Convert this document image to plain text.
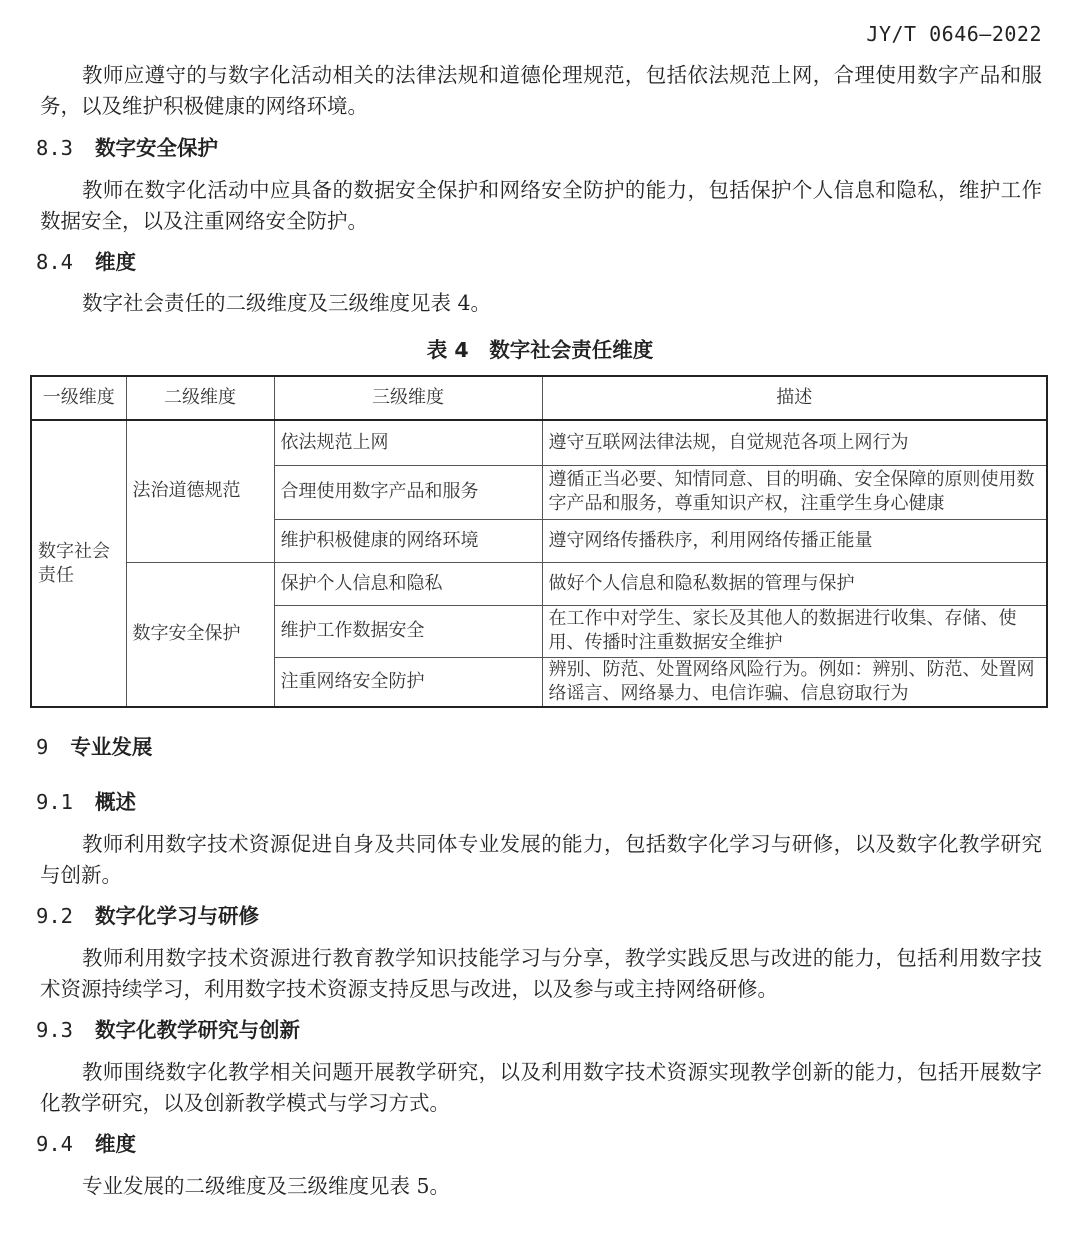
JY/T 0646—2022
教师应遵守的与数字化活动相关的法律法规和道德伦理规范，包括依法规范上网，合理使用数字产品和服务，以及维护积极健康的网络环境。
8.3 数字安全保护
教师在数字化活动中应具备的数据安全保护和网络安全防护的能力，包括保护个人信息和隐私，维护工作数据安全，以及注重网络安全防护。
8.4 维度
数字社会责任的二级维度及三级维度见表 4。
表 4　数字社会责任维度
一级维度	二级维度	三级维度	描述
数字社会责任	法治道德规范	依法规范上网	遵守互联网法律法规，自觉规范各项上网行为
		合理使用数字产品和服务	遵循正当必要、知情同意、目的明确、安全保障的原则使用数字产品和服务，尊重知识产权，注重学生身心健康
		维护积极健康的网络环境	遵守网络传播秩序，利用网络传播正能量
	数字安全保护	保护个人信息和隐私	做好个人信息和隐私数据的管理与保护
		维护工作数据安全	在工作中对学生、家长及其他人的数据进行收集、存储、使用、传播时注重数据安全维护
		注重网络安全防护	辨别、防范、处置网络风险行为。例如：辨别、防范、处置网络谣言、网络暴力、电信诈骗、信息窃取行为
9 专业发展
9.1 概述
教师利用数字技术资源促进自身及共同体专业发展的能力，包括数字化学习与研修，以及数字化教学研究与创新。
9.2 数字化学习与研修
教师利用数字技术资源进行教育教学知识技能学习与分享，教学实践反思与改进的能力，包括利用数字技术资源持续学习，利用数字技术资源支持反思与改进，以及参与或主持网络研修。
9.3 数字化教学研究与创新
教师围绕数字化教学相关问题开展教学研究，以及利用数字技术资源实现教学创新的能力，包括开展数字化教学研究，以及创新教学模式与学习方式。
9.4 维度
专业发展的二级维度及三级维度见表 5。
